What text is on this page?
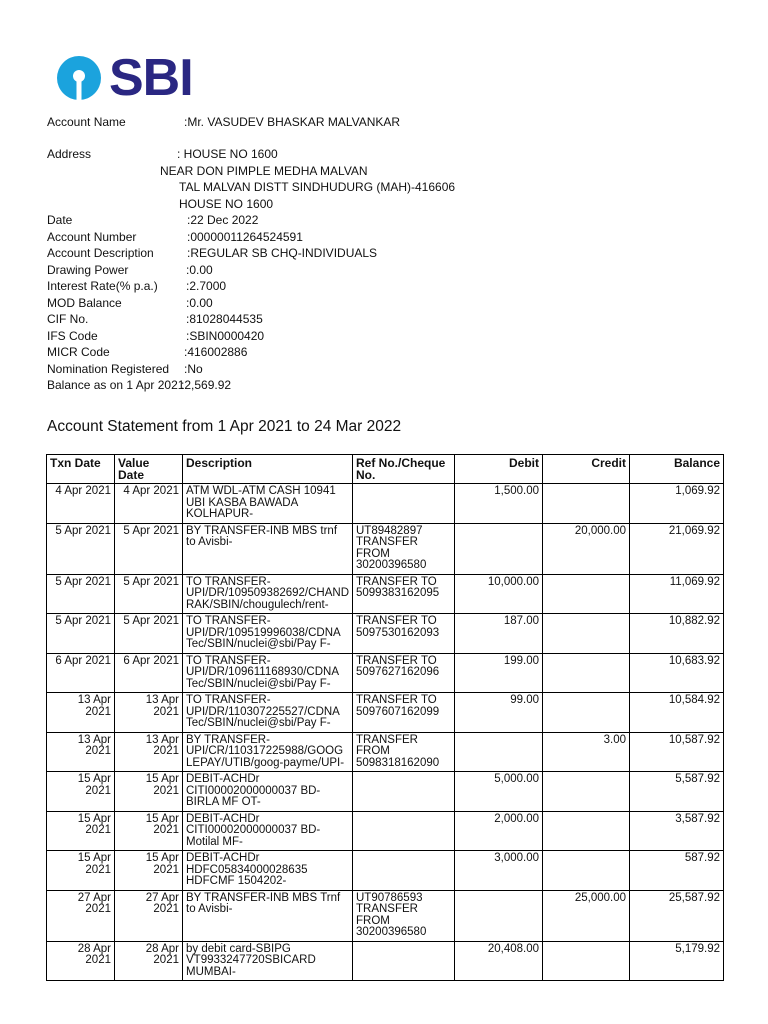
SBI
Account Name	:Mr. VASUDEV BHASKAR MALVANKAR
Address	: HOUSE NO 1600
NEAR DON PIMPLE MEDHA MALVAN
TAL MALVAN DISTT SINDHUDURG (MAH)-416606
HOUSE NO 1600
Date	:22 Dec 2022
Account Number	:00000011264524591
Account Description	:REGULAR SB CHQ-INDIVIDUALS
Drawing Power	:0.00
Interest Rate(% p.a.) :2.7000
MOD Balance	:0.00
CIF No.	:81028044535
IFS Code	:SBIN0000420
MICR Code	:416002886
Nomination Registered :No
Balance as on 1 Apr 2021
:2,569.92
Account Statement from 1 Apr 2021 to 24 Mar 2022
Txn Date	Value
Date	Description	Ref No./Cheque
No.	Debit	Credit	Balance
4 Apr 2021	4 Apr 2021	ATM WDL-ATM CASH 10941
UBI KASBA BAWADA
KOLHAPUR-		1,500.00		1,069.92
5 Apr 2021	5 Apr 2021	BY TRANSFER-INB MBS trnf
to Avisbi-	UT89482897
TRANSFER
FROM
30200396580		20,000.00	21,069.92
5 Apr 2021	5 Apr 2021	TO TRANSFER-
UPI/DR/109509382692/CHAND
RAK/SBIN/chougulech/rent-	TRANSFER TO
5099383162095	10,000.00		11,069.92
5 Apr 2021	5 Apr 2021	TO TRANSFER-
UPI/DR/109519996038/CDNA
Tec/SBIN/nuclei@sbi/Pay F-	TRANSFER TO
5097530162093	187.00		10,882.92
6 Apr 2021	6 Apr 2021	TO TRANSFER-
UPI/DR/109611168930/CDNA
Tec/SBIN/nuclei@sbi/Pay F-	TRANSFER TO
5097627162096	199.00		10,683.92
13 Apr
2021	13 Apr
2021	TO TRANSFER-
UPI/DR/110307225527/CDNA
Tec/SBIN/nuclei@sbi/Pay F-	TRANSFER TO
5097607162099	99.00		10,584.92
13 Apr
2021	13 Apr
2021	BY TRANSFER-
UPI/CR/110317225988/GOOG
LEPAY/UTIB/goog-payme/UPI-	TRANSFER
FROM
5098318162090		3.00	10,587.92
15 Apr
2021	15 Apr
2021	DEBIT-ACHDr
CITI00002000000037 BD-
BIRLA MF OT-		5,000.00		5,587.92
15 Apr
2021	15 Apr
2021	DEBIT-ACHDr
CITI00002000000037 BD-
Motilal MF-		2,000.00		3,587.92
15 Apr
2021	15 Apr
2021	DEBIT-ACHDr
HDFC05834000028635
HDFCMF 1504202-		3,000.00		587.92
27 Apr
2021	27 Apr
2021	BY TRANSFER-INB MBS Trnf
to Avisbi-	UT90786593
TRANSFER
FROM
30200396580		25,000.00	25,587.92
28 Apr
2021	28 Apr
2021	by debit card-SBIPG
VT9933247720SBICARD
MUMBAI-		20,408.00		5,179.92
